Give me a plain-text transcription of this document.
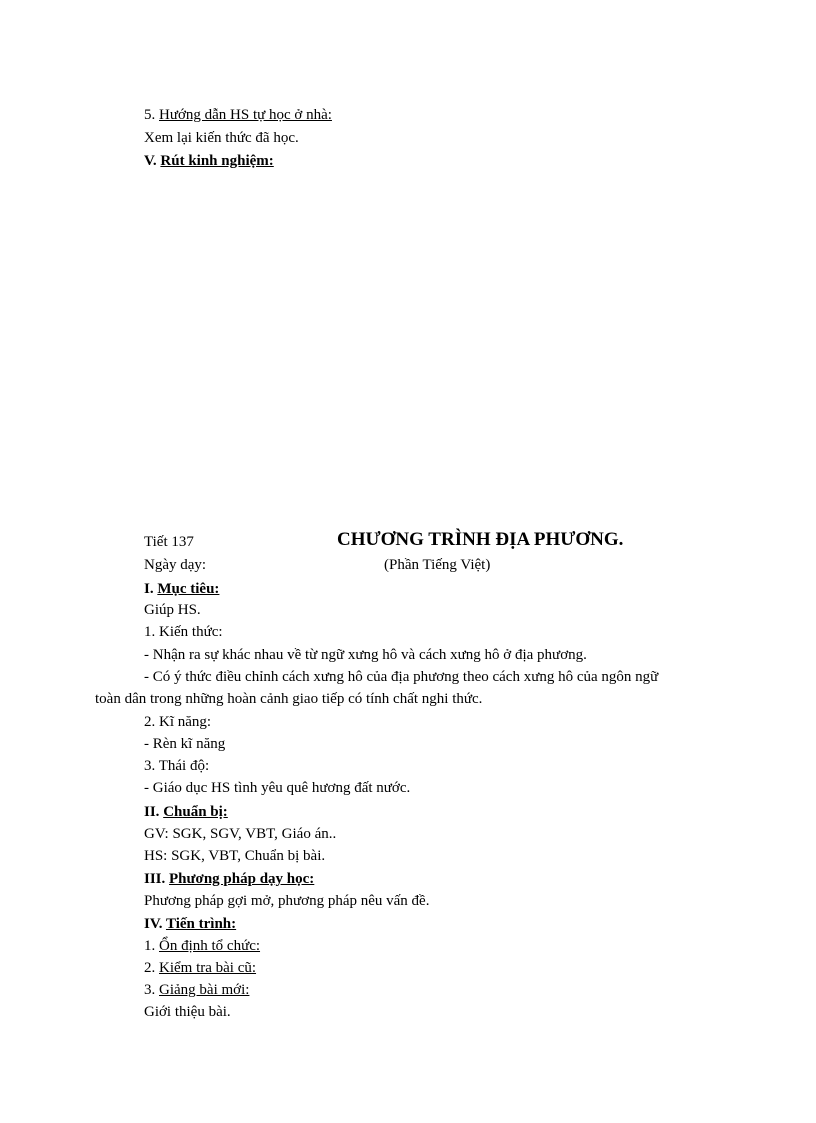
5. Hướng dẫn HS tự học ở nhà:
Xem lại kiến thức đã học.
V. Rút kinh nghiệm:
Tiết 137	CHƯƠNG TRÌNH ĐỊA PHƯƠNG.
Ngày dạy:	(Phần Tiếng Việt)
I. Mục tiêu:
Giúp HS.
1. Kiến thức:
- Nhận ra sự khác nhau về từ ngữ xưng hô và cách xưng hô ở địa phương.
- Có ý thức điều chỉnh cách xưng hô của địa phương theo cách xưng hô của ngôn ngữ
toàn dân trong những hoàn cảnh giao tiếp có tính chất nghi thức.
2. Kĩ năng:
- Rèn kĩ năng
3. Thái độ:
- Giáo dục HS tình yêu quê hương đất nước.
II. Chuẩn bị:
GV: SGK, SGV, VBT, Giáo án..
HS: SGK, VBT, Chuẩn bị bài.
III. Phương pháp dạy học:
Phương pháp gợi mở, phương pháp nêu vấn đề.
IV. Tiến trình:
1. Ổn định tổ chức:
2. Kiểm tra bài cũ:
3. Giảng bài mới:
Giới thiệu bài.
